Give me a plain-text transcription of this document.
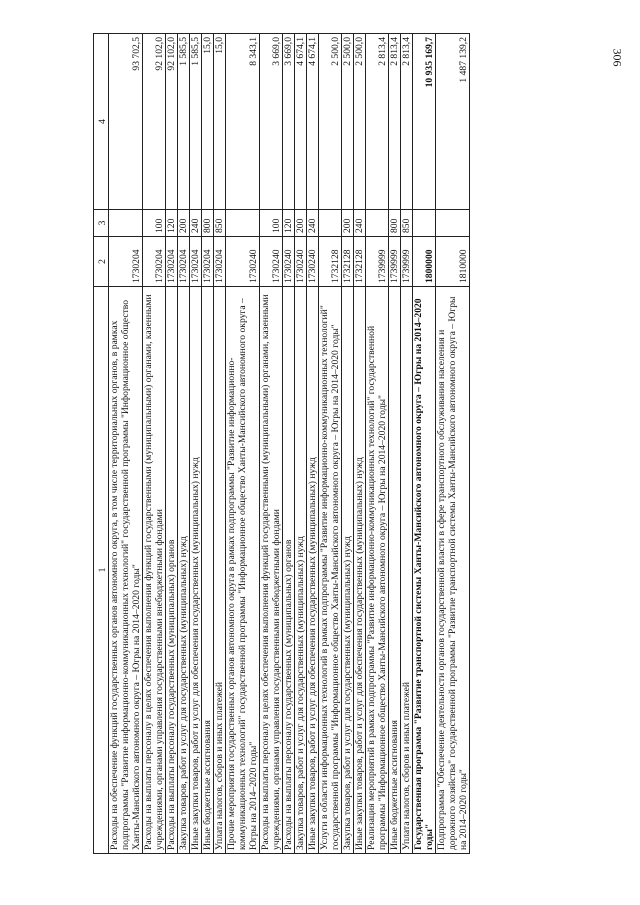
306
1	2	3	4
Расходы на обеспечение функций государственных органов автономного округа, в том числе территориальных органов, в рамках подпрограммы "Развитие информационно-коммуникационных технологий" государственной программы "Информационное общество Ханты-Мансийского автономного округа – Югры на 2014–2020 годы"	1730204		93 702,5
Расходы на выплаты персоналу в целях обеспечения выполнения функций государственными (муниципальными) органами, казенными учреждениями, органами управления государственными внебюджетными фондами	1730204	100	92 102,0
Расходы на выплаты персоналу государственных (муниципальных) органов	1730204	120	92 102,0
Закупка товаров, работ и услуг для государственных (муниципальных) нужд	1730204	200	1 585,5
Иные закупки товаров, работ и услуг для обеспечения государственных (муниципальных) нужд	1730204	240	1 585,5
Иные бюджетные ассигнования	1730204	800	15,0
Уплата налогов, сборов и иных платежей	1730204	850	15,0
Прочие мероприятия государственных органов автономного округа в рамках подпрограммы "Развитие информационно-коммуникационных технологий" государственной программы "Информационное общество Ханты-Мансийского автономного округа – Югры на 2014–2020 годы"	1730240		8 343,1
Расходы на выплаты персоналу в целях обеспечения выполнения функций государственными (муниципальными) органами, казенными учреждениями, органами управления государственными внебюджетными фондами	1730240	100	3 669,0
Расходы на выплаты персоналу государственных (муниципальных) органов	1730240	120	3 669,0
Закупка товаров, работ и услуг для государственных (муниципальных) нужд	1730240	200	4 674,1
Иные закупки товаров, работ и услуг для обеспечения государственных (муниципальных) нужд	1730240	240	4 674,1
Услуги в области информационных технологий в рамках подпрограммы "Развитие информационно-коммуникационных технологий" государственной программы "Информационное общество Ханты-Мансийского автономного округа – Югры на 2014–2020 годы"	1732128		2 500,0
Закупка товаров, работ и услуг для государственных (муниципальных) нужд	1732128	200	2 500,0
Иные закупки товаров, работ и услуг для обеспечения государственных (муниципальных) нужд	1732128	240	2 500,0
Реализация мероприятий в рамках подпрограммы "Развитие информационно-коммуникационных технологий" государственной программы "Информационное общество Ханты-Мансийского автономного округа – Югры на 2014–2020 годы"	1739999		2 813,4
Иные бюджетные ассигнования	1739999	800	2 813,4
Уплата налогов, сборов и иных платежей	1739999	850	2 813,4
Государственная программа "Развитие транспортной системы Ханты-Мансийского автономного округа – Югры на 2014–2020 годы"	1800000		10 935 169,7
Подпрограмма "Обеспечение деятельности органов государственной власти в сфере транспортного обслуживания населения и дорожного хозяйства" государственной программы "Развитие транспортной системы Ханты-Мансийского автономного округа – Югры на 2014–2020 годы"	1810000		1 487 139,2
